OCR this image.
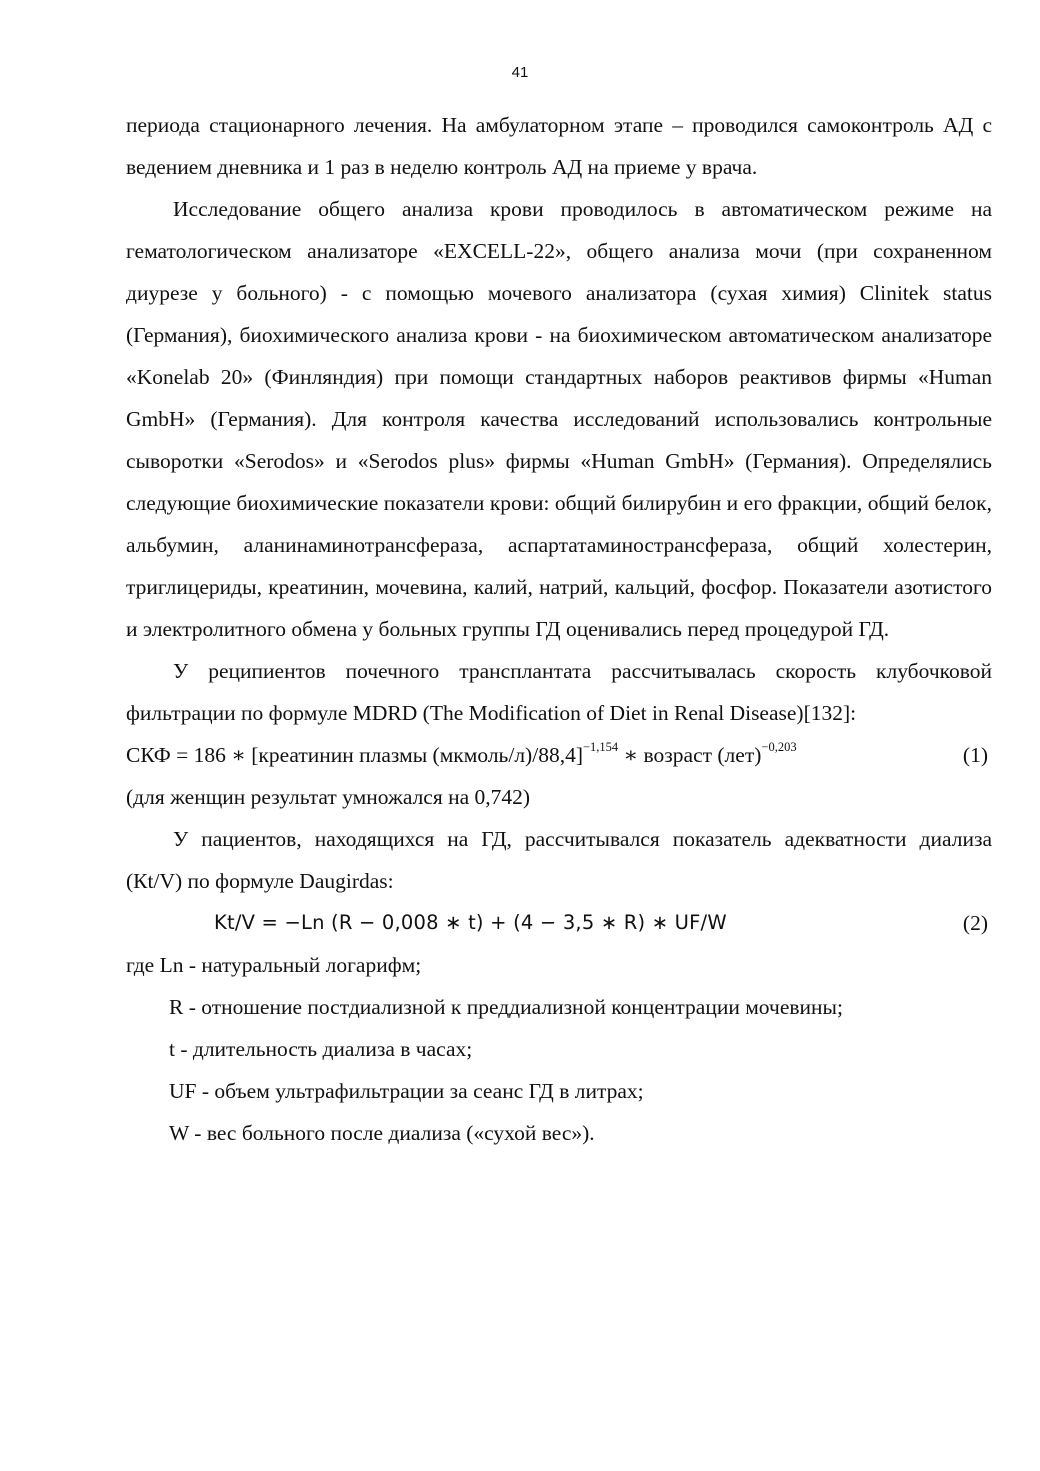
41

периода стационарного лечения. На амбулаторном этапе – проводился самоконтроль АД с ведением дневника и 1 раз в неделю контроль АД на приеме у врача.

Исследование общего анализа крови проводилось в автоматическом режиме на гематологическом анализаторе «EXCELL-22», общего анализа мочи (при сохраненном диурезе у больного) - с помощью мочевого анализатора (сухая химия) Clinitek status (Германия), биохимического анализа крови - на биохимическом автоматическом анализаторе «Konelab 20» (Финляндия) при помощи стандартных наборов реактивов фирмы «Human GmbH» (Германия). Для контроля качества исследований использовались контрольные сыворотки «Serodos» и «Serodos plus» фирмы «Human GmbH» (Германия). Определялись следующие биохимические показатели крови: общий билирубин и его фракции, общий белок, альбумин, аланинаминотрансфераза, аспартатаминострансфераза, общий холестерин, триглицериды, креатинин, мочевина, калий, натрий, кальций, фосфор. Показатели азотистого и электролитного обмена у больных группы ГД оценивались перед процедурой ГД.

У реципиентов почечного трансплантата рассчитывалась скорость клубочковой фильтрации по формуле MDRD (The Modification of Diet in Renal Disease)[132]:

СКФ = 186 ∗ [креатинин плазмы (мкмоль/л)/88,4]$^{-1,154}$ ∗ возраст (лет)$^{-0,203}$	(1)

(для женщин результат умножался на 0,742)

У пациентов, находящихся на ГД, рассчитывался показатель адекватности диализа (Кt/V) по формуле Daugirdas:

Kt/V = −Ln (R − 0,008 ∗ t) + (4 − 3,5 ∗ R) ∗ UF/W	(2)

где Ln - натуральный логарифм;

R - отношение постдиализной к преддиализной концентрации мочевины;

t - длительность диализа в часах;

UF - объем ультрафильтрации за сеанс ГД в литрах;

W - вес больного после диализа («сухой вес»).
